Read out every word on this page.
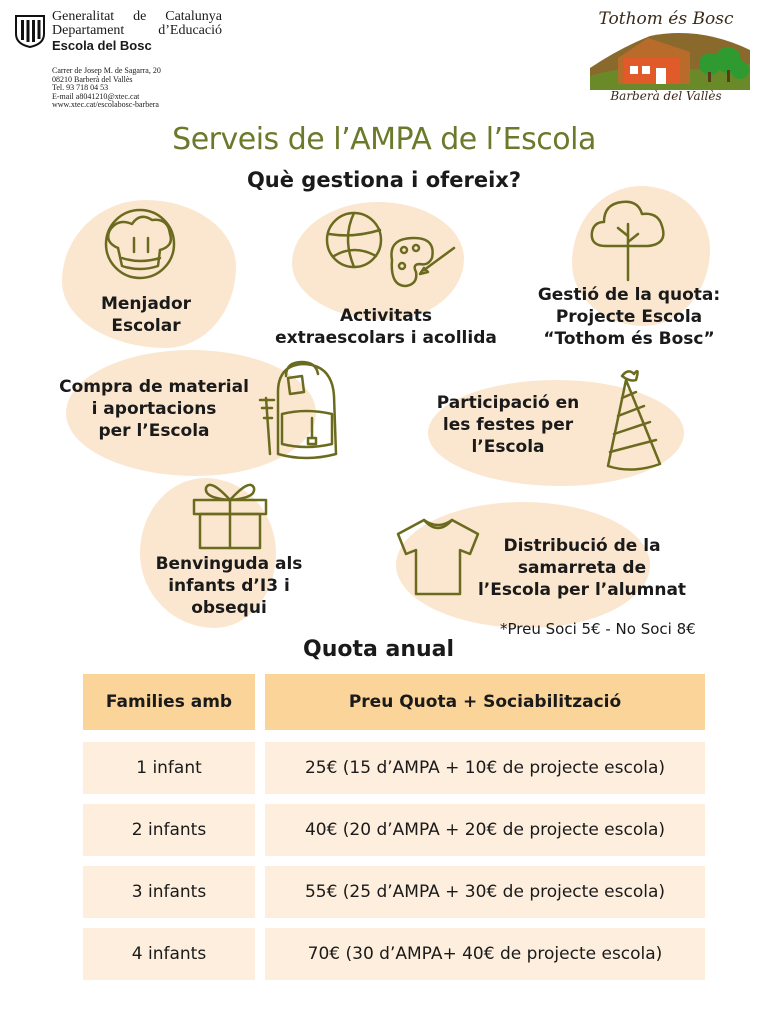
Generalitat de Catalunya
Departament d’Educació
Escola del Bosc
Carrer de Josep M. de Sagarra, 20
08210 Barberà del Vallès
Tel. 93 718 04 53
E-mail a8041210@xtec.cat
www.xtec.cat/escolabosc-barbera
Tothom és Bosc
Barberà del Vallès
Serveis de l’AMPA de l’Escola
Què gestiona i ofereix?
Menjador
Escolar	Activitats
extraescolars i acollida
Gestió de la quota:
Projecte Escola
“Tothom és Bosc”
Compra de material
i aportacions
per l’Escola
Participació en
les festes per
l’Escola
Benvinguda als
infants d’I3 i
obsequi
Distribució de la
samarreta de
l’Escola per l’alumnat
*Preu Soci 5€ - No Soci 8€
Quota anual
Families amb	Preu Quota + Sociabilització
1 infant	25€ (15 d’AMPA + 10€ de projecte escola)
2 infants	40€ (20 d’AMPA + 20€ de projecte escola)
3 infants	55€ (25 d’AMPA + 30€ de projecte escola)
4 infants	70€ (30 d’AMPA+ 40€ de projecte escola)
